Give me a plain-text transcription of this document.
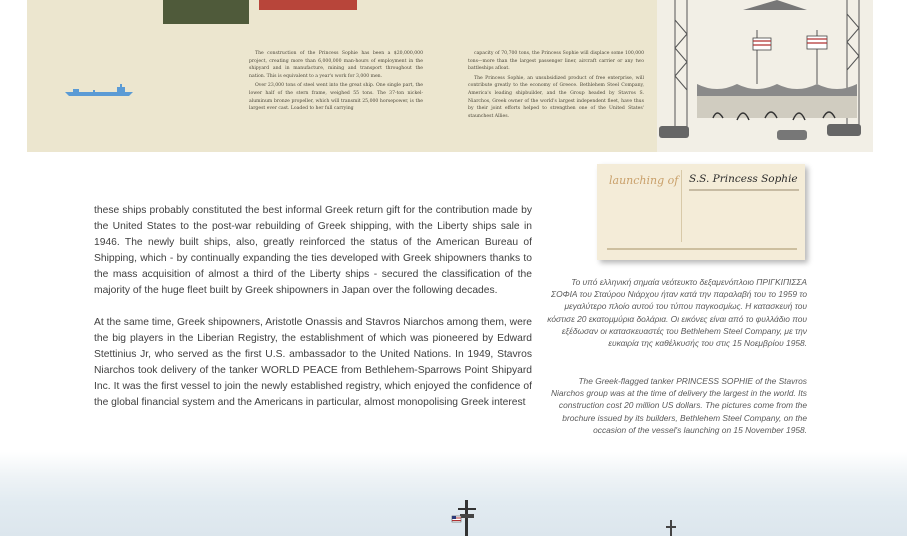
The construction of the Princess Sophie has been a $20,000,000 project, creating more than 6,000,000 man-hours of employment in the shipyard and in manufacture, mining and transport throughout the nation. This is equivalent to a year's work for 3,000 men.

Over 23,000 tons of steel went into the great ship. One single part, the lower half of the stern frame, weighed 55 tons. The 37-ton nickel-aluminum bronze propeller, which will transmit 25,000 horsepower, is the largest ever cast. Loaded to her full carrying

capacity of 70,700 tons, the Princess Sophie will displace some 100,000 tons—more than the largest passenger liner, aircraft carrier or any two battleships afloat.

The Princess Sophie, an unsubsidized product of free enterprise, will contribute greatly to the economy of Greece. Bethlehem Steel Company, America's leading shipbuilder, and the Group headed by Stavros S. Niarchos, Greek owner of the world's largest independent fleet, have thus by their joint efforts helped to strengthen one of the United States' staunchest Allies.

these ships probably constituted the best informal Greek return gift for the contribution made by the United States to the post-war rebuilding of Greek shipping, with the Liberty ships sale in 1946. The newly built ships, also, greatly reinforced the status of the American Bureau of Shipping, which - by continually expanding the ties developed with Greek shipowners thanks to the mass acquisition of almost a third of the Liberty ships - secured the classification of the majority of the huge fleet built by Greek shipowners in Japan over the following decades.

At the same time, Greek shipowners, Aristotle Onassis and Stavros Niarchos among them, were the big players in the Liberian Registry, the establishment of which was pioneered by Edward Stettinius Jr, who served as the first U.S. ambassador to the United Nations. In 1949, Stavros Niarchos took delivery of the tanker WORLD PEACE from Bethlehem-Sparrows Point Shipyard Inc. It was the first vessel to join the newly established registry, which enjoyed the confidence of the global financial system and the Americans in particular, almost monopolising Greek interest

launching of S.S. Princess Sophie

Το υπό ελληνική σημαία νεότευκτο δεξαμενόπλοιο ΠΡΙΓΚΙΠΙΣΣΑ ΣΟΦΙΑ του Σταύρου Νιάρχου ήταν κατά την παραλαβή του το 1959 το μεγαλύτερο πλοίο αυτού του τύπου παγκοσμίως. Η κατασκευή του κόστισε 20 εκατομμύρια δολάρια. Οι εικόνες είναι από το φυλλάδιο που εξέδωσαν οι κατασκευαστές του Bethlehem Steel Company, με την ευκαιρία της καθέλκυσής του στις 15 Νοεμβρίου 1958.

The Greek-flagged tanker PRINCESS SOPHIE of the Stavros Niarchos group was at the time of delivery the largest in the world. Its construction cost 20 million US dollars. The pictures come from the brochure issued by its builders, Bethlehem Steel Company, on the occasion of the vessel's launching on 15 November 1958.
